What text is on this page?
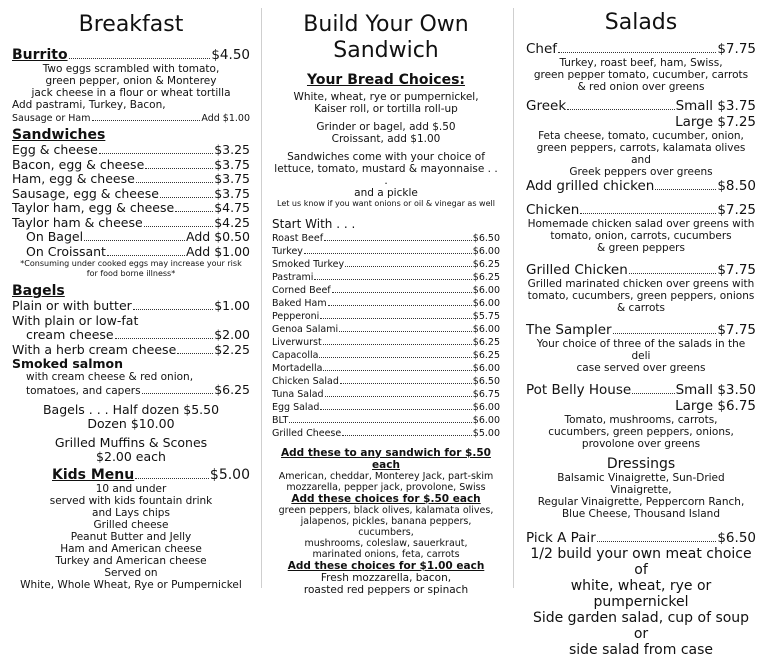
Breakfast
Burrito	$4.50
Two eggs scrambled with tomato,
green pepper, onion & Monterey
jack cheese in a flour or wheat tortilla
Add pastrami, Turkey, Bacon,
Sausage or Ham	Add $1.00
Sandwiches
Egg & cheese	$3.25
Bacon, egg & cheese	$3.75
Ham, egg & cheese	$3.75
Sausage, egg & cheese	$3.75
Taylor ham, egg & cheese	$4.75
Taylor ham & cheese	$4.25
On Bagel	Add $0.50
On Croissant	Add $1.00
*Consuming under cooked eggs may increase your risk
for food borne illness*
Bagels
Plain or with butter	$1.00
With plain or low-fat
cream cheese	$2.00
With a herb cream cheese	$2.25
Smoked salmon
with cream cheese & red onion,
tomatoes, and capers	$6.25
Bagels . . . Half dozen $5.50
Dozen $10.00
Grilled Muffins & Scones
$2.00 each
Kids Menu	$5.00
10 and under
served with kids fountain drink
and Lays chips
Grilled cheese
Peanut Butter and Jelly
Ham and American cheese
Turkey and American cheese
Served on
White, Whole Wheat, Rye or Pumpernickel
Build Your Own
Sandwich
Your Bread Choices:
White, wheat, rye or pumpernickel,
Kaiser roll, or tortilla roll-up
Grinder or bagel, add $.50
Croissant, add $1.00
Sandwiches come with your choice of
lettuce, tomato, mustard & mayonnaise . . .
and a pickle
Let us know if you want onions or oil & vinegar as well
Start With . . .
Roast Beef	$6.50
Turkey	$6.00
Smoked Turkey	$6.25
Pastrami	$6.25
Corned Beef	$6.00
Baked Ham	$6.00
Pepperoni	$5.75
Genoa Salami	$6.00
Liverwurst	$6.25
Capacolla	$6.25
Mortadella	$6.00
Chicken Salad	$6.50
Tuna Salad	$6.75
Egg Salad	$6.00
BLT	$6.00
Grilled Cheese	$5.00
Add these to any sandwich for $.50 each
American, cheddar, Monterey Jack, part-skim
mozzarella, pepper jack, provolone, Swiss
Add these choices for $.50 each
green peppers, black olives, kalamata olives,
jalapenos, pickles, banana peppers, cucumbers,
mushrooms, coleslaw, sauerkraut,
marinated onions, feta, carrots
Add these choices for $1.00 each
Fresh mozzarella, bacon,
roasted red peppers or spinach
Salads
Chef	$7.75
Turkey, roast beef, ham, Swiss,
green pepper tomato, cucumber, carrots
& red onion over greens
Greek	Small $3.75
Large $7.25
Feta cheese, tomato, cucumber, onion,
green peppers, carrots, kalamata olives and
Greek peppers over greens
Add grilled chicken	$8.50
Chicken	$7.25
Homemade chicken salad over greens with
tomato, onion, carrots, cucumbers
& green peppers
Grilled Chicken	$7.75
Grilled marinated chicken over greens with
tomato, cucumbers, green peppers, onions
& carrots
The Sampler	$7.75
Your choice of three of the salads in the deli
case served over greens
Pot Belly House	Small $3.50
Large $6.75
Tomato, mushrooms, carrots,
cucumbers, green peppers, onions,
provolone over greens
Dressings
Balsamic Vinaigrette, Sun-Dried Vinaigrette,
Regular Vinaigrette, Peppercorn Ranch,
Blue Cheese, Thousand Island
Pick A Pair	$6.50
1/2 build your own meat choice of
white, wheat, rye or pumpernickel
Side garden salad, cup of soup or
side salad from case
